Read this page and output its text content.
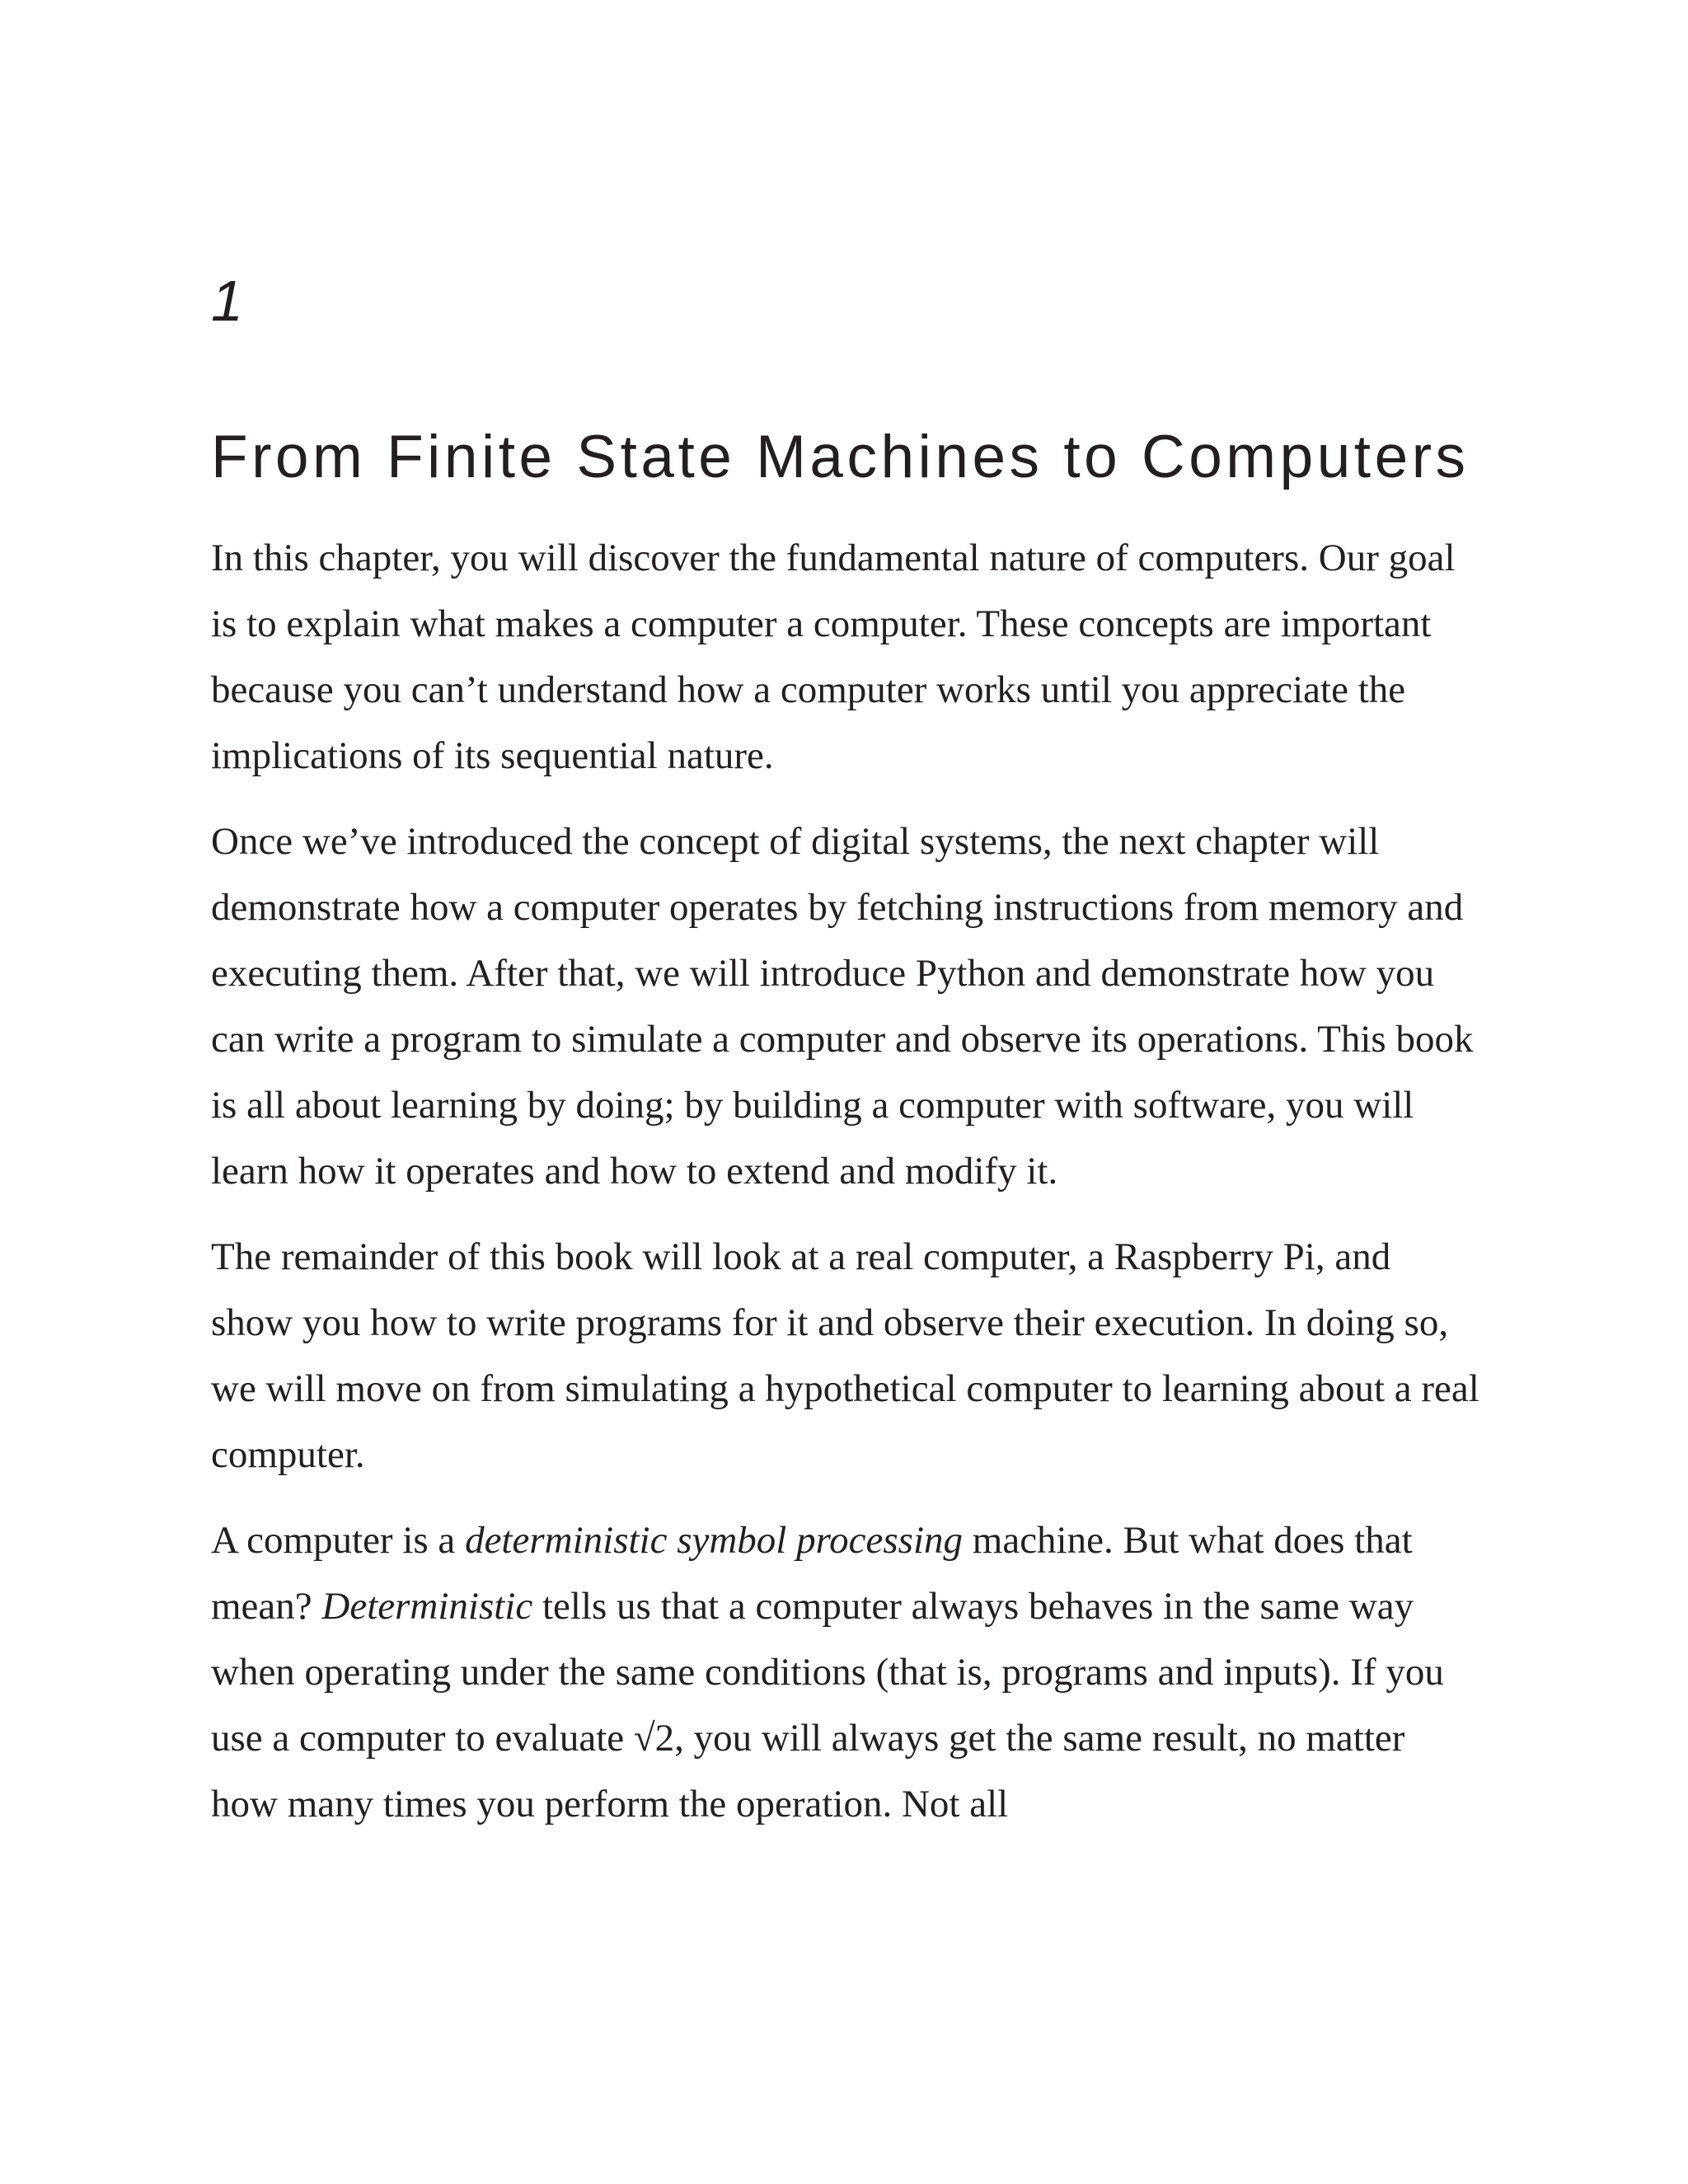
1
From Finite State Machines to Computers

In this chapter, you will discover the fundamental nature of computers. Our goal is to explain what makes a computer a computer. These concepts are important because you can’t understand how a computer works until you appreciate the implications of its sequential nature.

Once we’ve introduced the concept of digital systems, the next chapter will demonstrate how a computer operates by fetching instructions from memory and executing them. After that, we will introduce Python and demonstrate how you can write a program to simulate a computer and observe its operations. This book is all about learning by doing; by building a computer with software, you will learn how it operates and how to extend and modify it.

The remainder of this book will look at a real computer, a Raspberry Pi, and show you how to write programs for it and observe their execution. In doing so, we will move on from simulating a hypothetical computer to learning about a real computer.

A computer is a deterministic symbol processing machine. But what does that mean? Deterministic tells us that a computer always behaves in the same way when operating under the same conditions (that is, programs and inputs). If you use a computer to evaluate √2, you will always get the same result, no matter how many times you perform the operation. Not all
